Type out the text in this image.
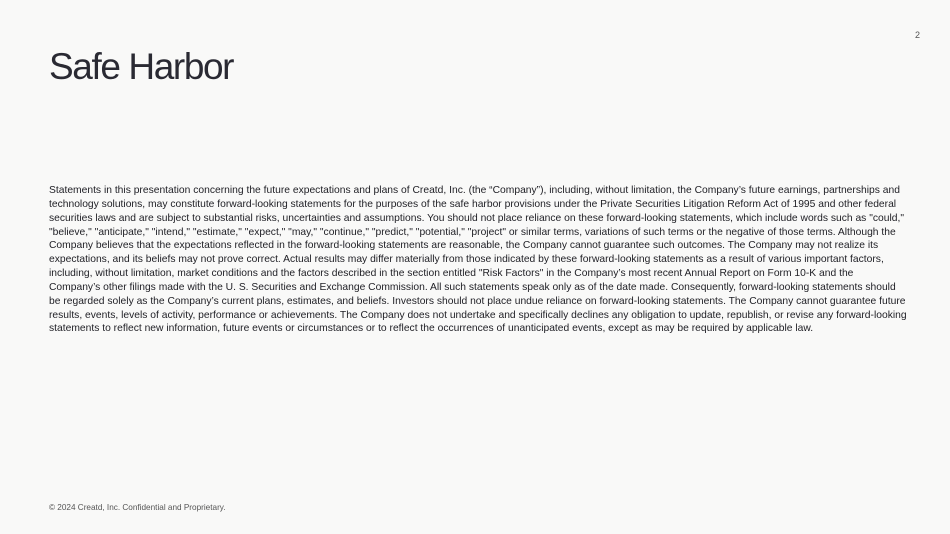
2
Safe Harbor

Statements in this presentation concerning the future expectations and plans of Creatd, Inc. (the “Company”), including, without limitation, the Company’s future earnings, partnerships and technology solutions, may constitute forward-looking statements for the purposes of the safe harbor provisions under the Private Securities Litigation Reform Act of 1995 and other federal securities laws and are subject to substantial risks, uncertainties and assumptions. You should not place reliance on these forward-looking statements, which include words such as "could," "believe," "anticipate," "intend," "estimate," "expect," "may," "continue," "predict," "potential," "project" or similar terms, variations of such terms or the negative of those terms. Although the Company believes that the expectations reflected in the forward-looking statements are reasonable, the Company cannot guarantee such outcomes. The Company may not realize its expectations, and its beliefs may not prove correct. Actual results may differ materially from those indicated by these forward-looking statements as a result of various important factors, including, without limitation, market conditions and the factors described in the section entitled "Risk Factors" in the Company’s most recent Annual Report on Form 10-K and the Company’s other filings made with the U. S. Securities and Exchange Commission. All such statements speak only as of the date made. Consequently, forward-looking statements should be regarded solely as the Company’s current plans, estimates, and beliefs. Investors should not place undue reliance on forward-looking statements. The Company cannot guarantee future results, events, levels of activity, performance or achievements. The Company does not undertake and specifically declines any obligation to update, republish, or revise any forward-looking statements to reflect new information, future events or circumstances or to reflect the occurrences of unanticipated events, except as may be required by applicable law.

© 2024 Creatd, Inc. Confidential and Proprietary.
